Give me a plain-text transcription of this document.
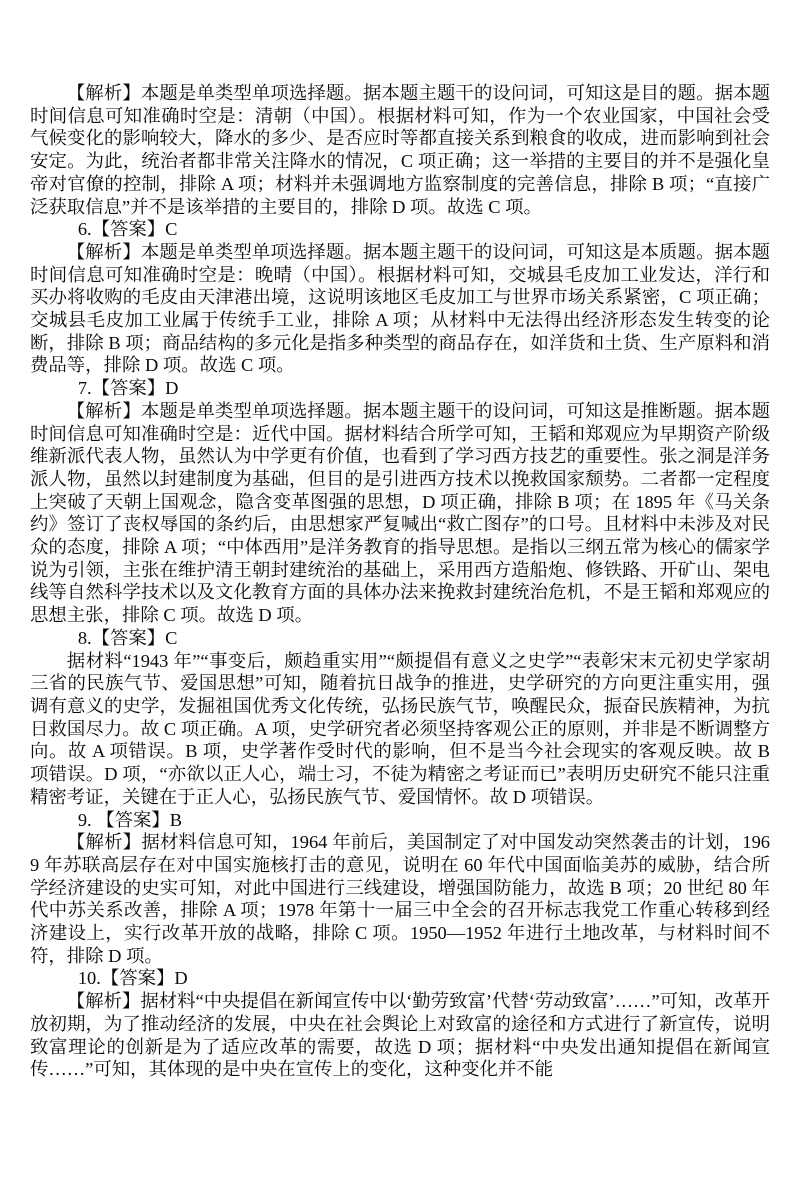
【解析】本题是单类型单项选择题。据本题主题干的设问词，可知这是目的题。据本题时间信息可知准确时空是：清朝（中国）。根据材料可知，作为一个农业国家，中国社会受气候变化的影响较大，降水的多少、是否应时等都直接关系到粮食的收成，进而影响到社会安定。为此，统治者都非常关注降水的情况，C 项正确；这一举措的主要目的并不是强化皇帝对官僚的控制，排除 A 项；材料并未强调地方监察制度的完善信息，排除 B 项；“直接广泛获取信息”并不是该举措的主要目的，排除 D 项。故选 C 项。

6.【答案】C

【解析】本题是单类型单项选择题。据本题主题干的设问词，可知这是本质题。据本题时间信息可知准确时空是：晚晴（中国）。根据材料可知，交城县毛皮加工业发达，洋行和买办将收购的毛皮由天津港出境，这说明该地区毛皮加工与世界市场关系紧密，C 项正确；交城县毛皮加工业属于传统手工业，排除 A 项；从材料中无法得出经济形态发生转变的论断，排除 B 项；商品结构的多元化是指多种类型的商品存在，如洋货和土货、生产原料和消费品等，排除 D 项。故选 C 项。

7.【答案】D

【解析】本题是单类型单项选择题。据本题主题干的设问词，可知这是推断题。据本题时间信息可知准确时空是：近代中国。据材料结合所学可知，王韬和郑观应为早期资产阶级维新派代表人物，虽然认为中学更有价值，也看到了学习西方技艺的重要性。张之洞是洋务派人物，虽然以封建制度为基础，但目的是引进西方技术以挽救国家颓势。二者都一定程度上突破了天朝上国观念，隐含变革图强的思想，D 项正确，排除 B 项；在 1895 年《马关条约》签订了丧权辱国的条约后，由思想家严复喊出“救亡图存”的口号。且材料中未涉及对民众的态度，排除 A 项；“中体西用”是洋务教育的指导思想。是指以三纲五常为核心的儒家学说为引领，主张在维护清王朝封建统治的基础上，采用西方造船炮、修铁路、开矿山、架电线等自然科学技术以及文化教育方面的具体办法来挽救封建统治危机，不是王韬和郑观应的思想主张，排除 C 项。故选 D 项。

8.【答案】C

据材料“1943 年”“事变后，颇趋重实用”“颇提倡有意义之史学”“表彰宋末元初史学家胡三省的民族气节、爱国思想”可知，随着抗日战争的推进，史学研究的方向更注重实用，强调有意义的史学，发掘祖国优秀文化传统，弘扬民族气节，唤醒民众，振奋民族精神，为抗日救国尽力。故 C 项正确。A 项，史学研究者必须坚持客观公正的原则，并非是不断调整方向。故 A 项错误。B 项，史学著作受时代的影响，但不是当今社会现实的客观反映。故 B 项错误。D 项，“亦欲以正人心，端士习，不徒为精密之考证而已”表明历史研究不能只注重精密考证，关键在于正人心，弘扬民族气节、爱国情怀。故 D 项错误。

9. 【答案】B

【解析】据材料信息可知，1964 年前后，美国制定了对中国发动突然袭击的计划，1969 年苏联高层存在对中国实施核打击的意见，说明在 60 年代中国面临美苏的威胁，结合所学经济建设的史实可知，对此中国进行三线建设，增强国防能力，故选 B 项；20 世纪 80 年代中苏关系改善，排除 A 项；1978 年第十一届三中全会的召开标志我党工作重心转移到经济建设上，实行改革开放的战略，排除 C 项。1950—1952 年进行土地改革，与材料时间不符，排除 D 项。

10.【答案】D

【解析】据材料“中央提倡在新闻宣传中以‘勤劳致富’代替‘劳动致富’……”可知，改革开放初期，为了推动经济的发展，中央在社会舆论上对致富的途径和方式进行了新宣传，说明致富理论的创新是为了适应改革的需要，故选 D 项；据材料“中央发出通知提倡在新闻宣传……”可知，其体现的是中央在宣传上的变化，这种变化并不能
